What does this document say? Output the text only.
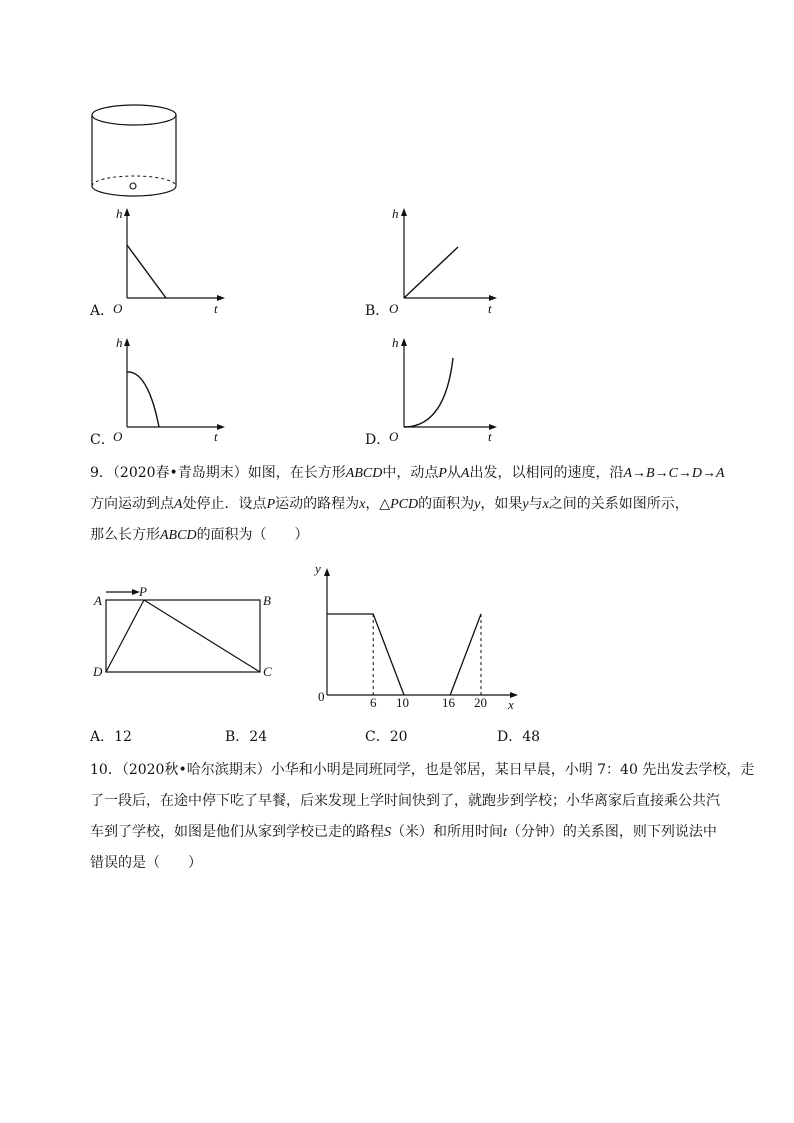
h
t
O
A．
h
t
O
B．
h
t
O
C．
h
t
O
D．
9．（2020春•青岛期末）如图，在长方形ABCD中，动点P从A出发，以相同的速度，沿A→B→C→D→A
方向运动到点A处停止．设点P运动的路程为x，△PCD的面积为y，如果y与x之间的关系如图所示，
那么长方形ABCD的面积为（　　）
A
P
B
D	C
y
x
0	6 10	16 20
A．12	B．24	C．20	D．48
10．（2020秋•哈尔滨期末）小华和小明是同班同学，也是邻居，某日早晨，小明 7：40 先出发去学校，走
了一段后，在途中停下吃了早餐，后来发现上学时间快到了，就跑步到学校；小华离家后直接乘公共汽
车到了学校，如图是他们从家到学校已走的路程S（米）和所用时间t（分钟）的关系图，则下列说法中
错误的是（　　）
